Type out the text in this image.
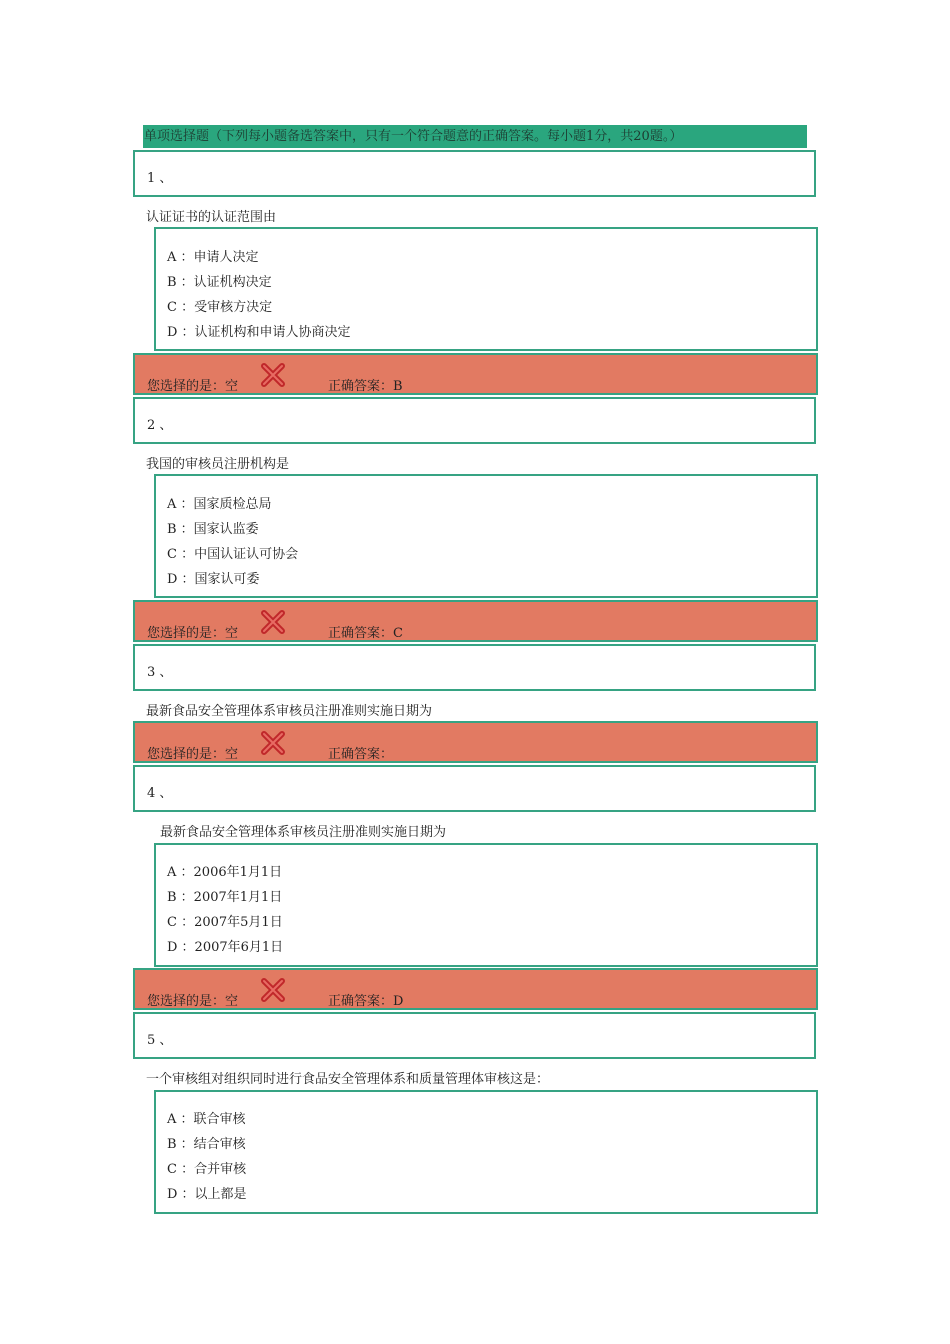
单项选择题（下列每小题备选答案中，只有一个符合题意的正确答案。每小题1分，共20题。）
1 、
认证证书的认证范围由
A ：申请人决定
B ：认证机构决定
C ：受审核方决定
D ：认证机构和申请人协商决定
您选择的是：空	正确答案：B
2 、
我国的审核员注册机构是
A ：国家质检总局
B ：国家认监委
C ：中国认证认可协会
D ：国家认可委
您选择的是：空	正确答案：C
3 、
最新食品安全管理体系审核员注册准则实施日期为
您选择的是：空	正确答案：
4 、
最新食品安全管理体系审核员注册准则实施日期为
A ：2006年1月1日
B ：2007年1月1日
C ：2007年5月1日
D ：2007年6月1日
您选择的是：空	正确答案：D
5 、
一个审核组对组织同时进行食品安全管理体系和质量管理体审核这是：
A ：联合审核
B ：结合审核
C ：合并审核
D ：以上都是
